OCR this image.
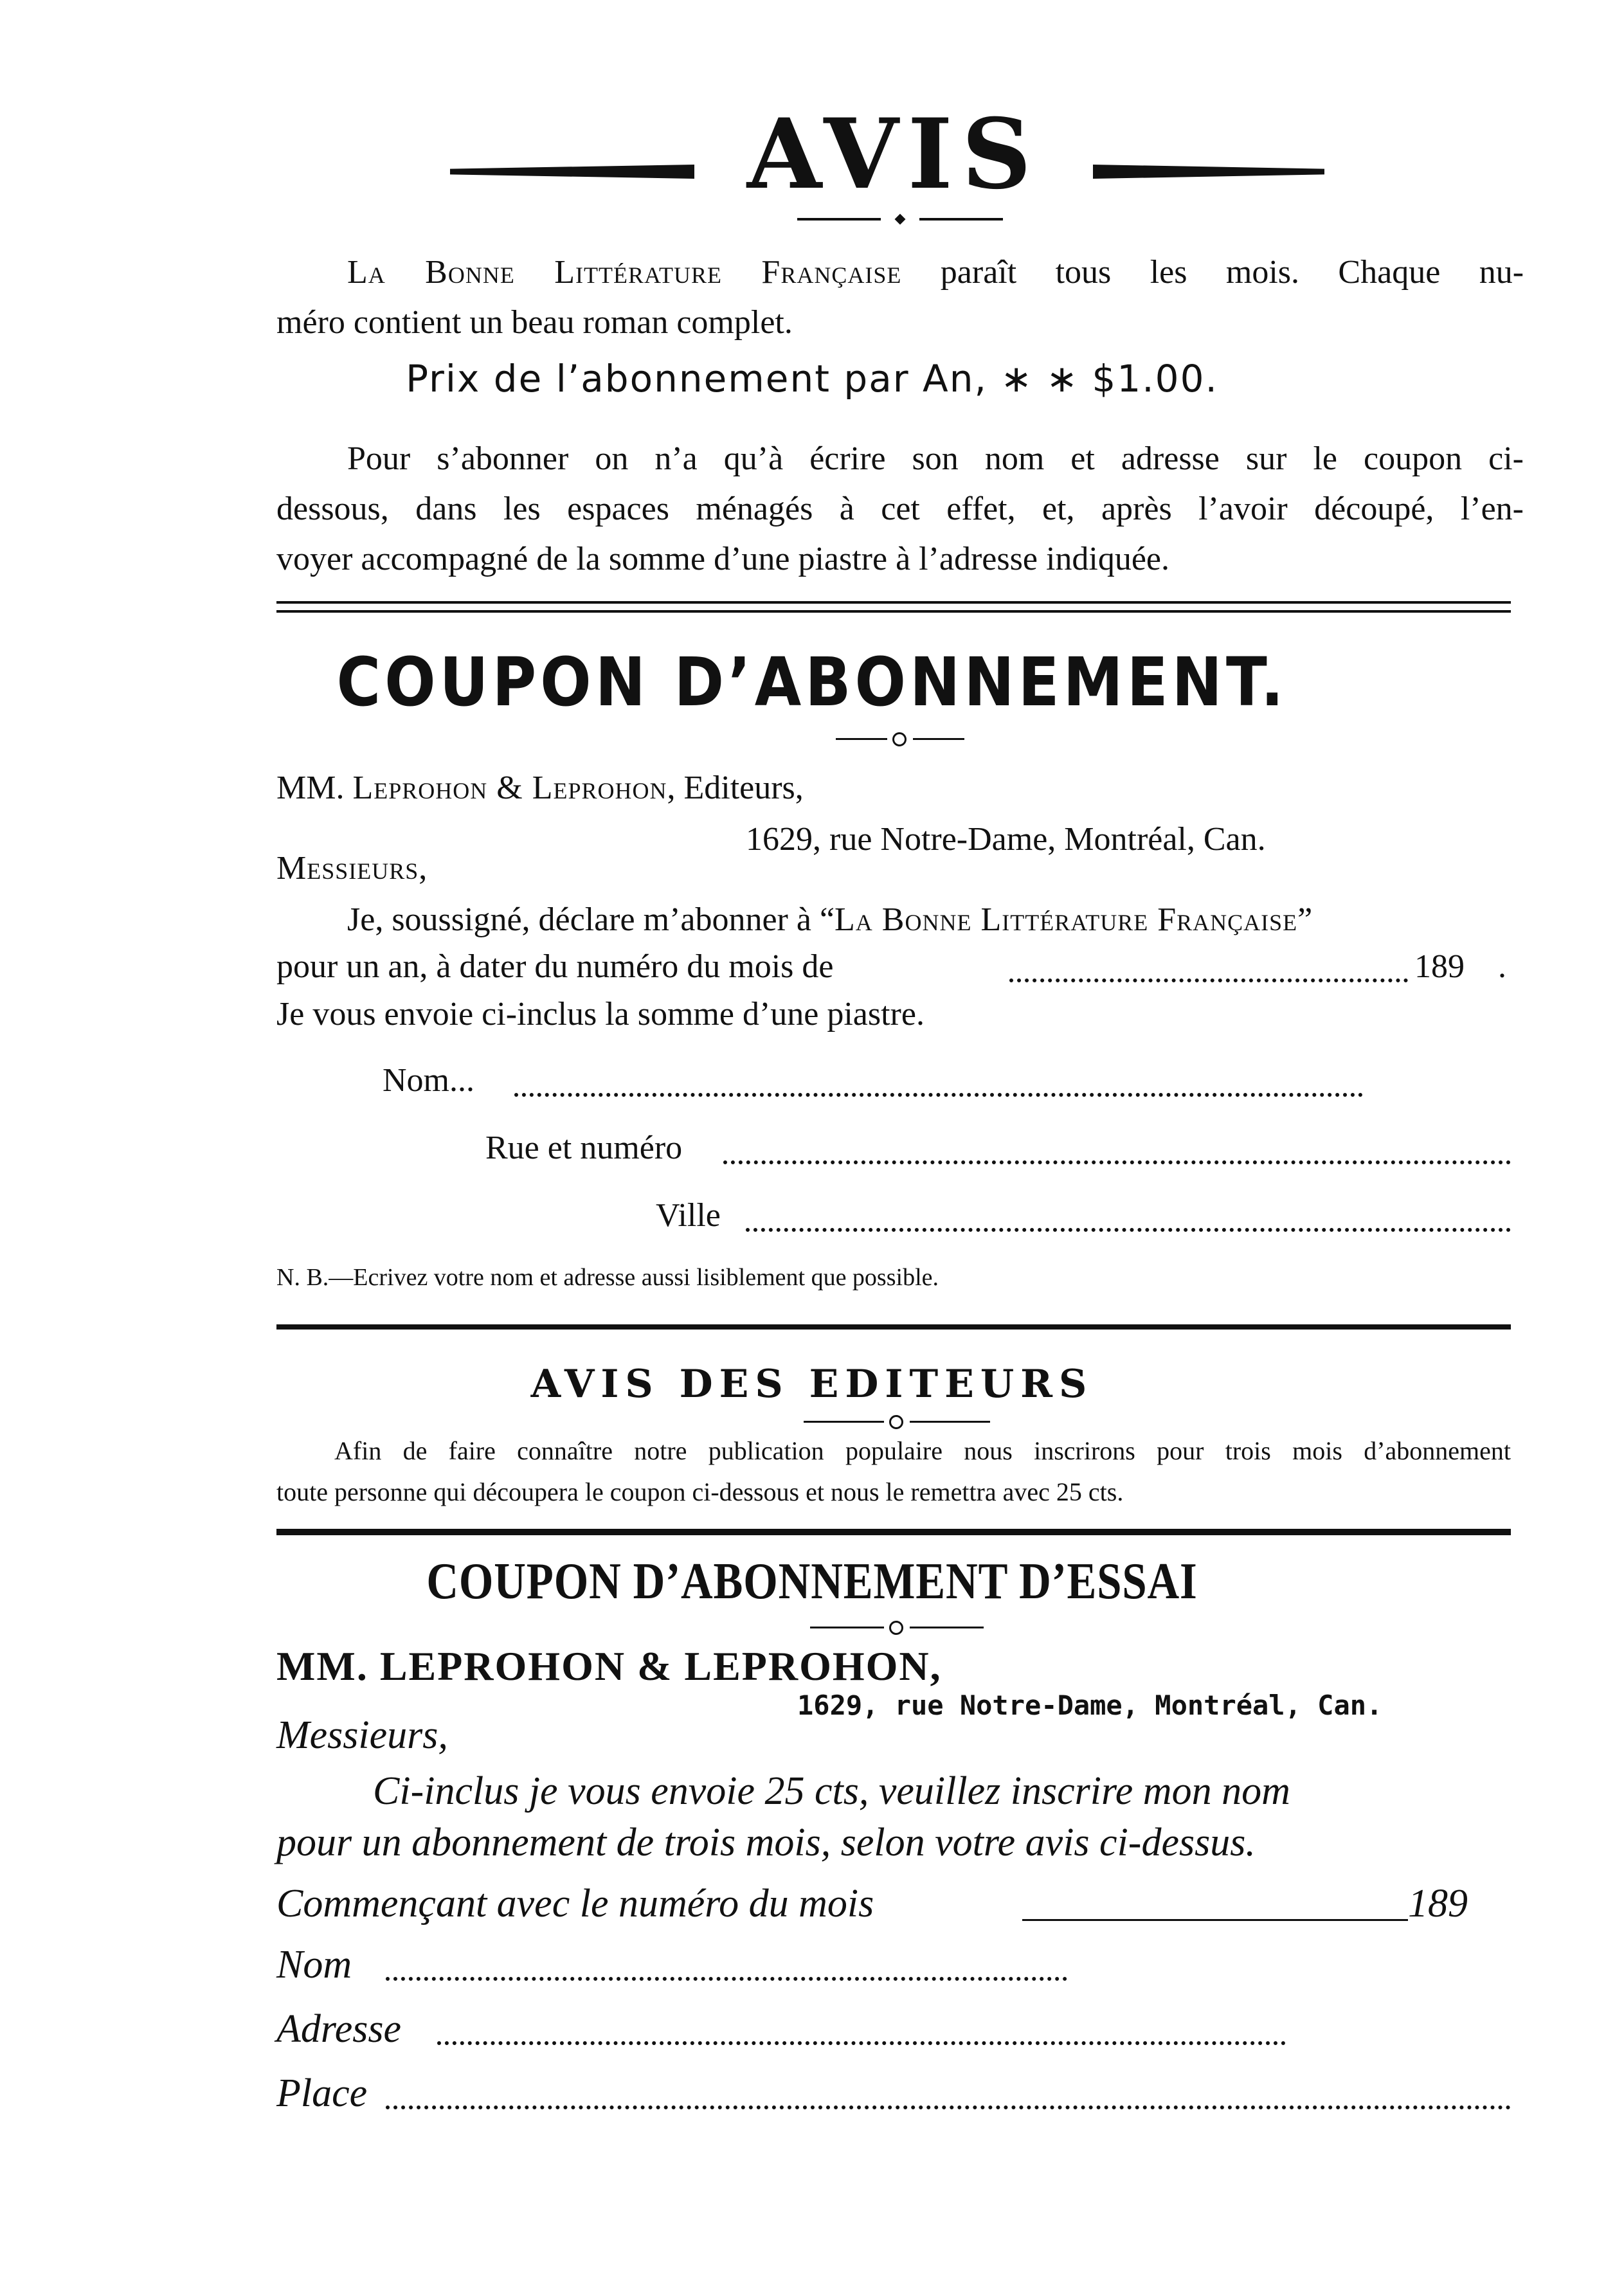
AVIS
La Bonne Littérature Française paraît tous les mois. Chaque nu-
méro contient un beau roman complet.
Prix de l’abonnement par An, ∗ ∗ $1.00.
Pour s’abonner on n’a qu’à écrire son nom et adresse sur le coupon ci-
dessous, dans les espaces ménagés à cet effet, et, après l’avoir découpé, l’en-
voyer accompagné de la somme d’une piastre à l’adresse indiquée.
COUPON D’ABONNEMENT.
MM. Leprohon & Leprohon, Editeurs,
1629, rue Notre-Dame, Montréal, Can.
Messieurs,
Je, soussigné, déclare m’abonner à “La Bonne Littérature Française”
pour un an, à dater du numéro du mois de	189 .
Je vous envoie ci-inclus la somme d’une piastre.
Nom...
Rue et numéro
Ville
N. B.—Ecrivez votre nom et adresse aussi lisiblement que possible.
AVIS DES EDITEURS
Afin de faire connaître notre publication populaire nous inscrirons pour trois mois d’abonnement
toute personne qui découpera le coupon ci-dessous et nous le remettra avec 25 cts.
COUPON D’ABONNEMENT D’ESSAI
MM. LEPROHON & LEPROHON,
1629, rue Notre-Dame, Montréal, Can.
Messieurs,
Ci-inclus je vous envoie 25 cts, veuillez inscrire mon nom
pour un abonnement de trois mois, selon votre avis ci-dessus.
Commençant avec le numéro du mois	189
Nom
Adresse
Place
